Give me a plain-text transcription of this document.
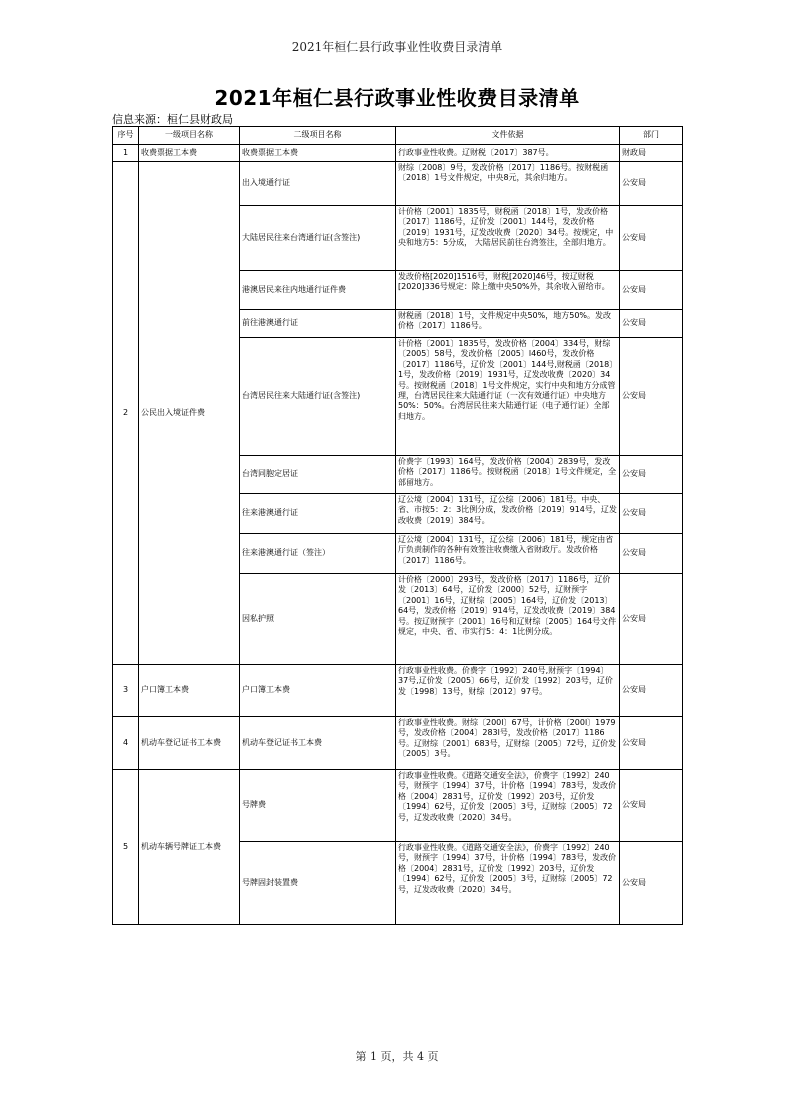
2021年桓仁县行政事业性收费目录清单
2021年桓仁县行政事业性收费目录清单
信息来源：桓仁县财政局
序号	一级项目名称	二级项目名称	文件依据	部门
1	收费票据工本费	收费票据工本费	行政事业性收费。辽财税〔2017〕387号。	财政局
2	公民出入境证件费	出入境通行证	财综〔2008〕9号，发改价格〔2017〕1186号。按财税函〔2018〕1号文件规定，中央8元，其余归地方。	公安局
		大陆居民往来台湾通行证(含签注)	计价格〔2001〕1835号，财税函〔2018〕1号，发改价格〔2017〕1186号，辽价发〔2001〕144号，发改价格〔2019〕1931号，辽发改收费〔2020〕34号。按规定，中央和地方5：5分成， 大陆居民前往台湾签注，全部归地方。	公安局
		港澳居民来往内地通行证件费	发改价格[2020]1516号，财税[2020]46号，按辽财税[2020]336号规定：除上缴中央50%外，其余收入留给市。	公安局
		前往港澳通行证	财税函〔2018〕1号，文件规定中央50%，地方50%。发改价格〔2017〕1186号。	公安局
		台湾居民往来大陆通行证(含签注)	计价格〔2001〕1835号，发改价格〔2004〕334号，财综〔2005〕58号，发改价格〔2005〕l460号，发改价格〔2017〕1186号，辽价发〔2001〕144号,财税函〔2018〕1号，发改价格〔2019〕1931号，辽发改收费〔2020〕34号。按财税函〔2018〕1号文件规定，实行中央和地方分成管理，台湾居民往来大陆通行证（一次有效通行证）中央地方50%：50%。台湾居民往来大陆通行证（电子通行证）全部归地方。	公安局
		台湾同胞定居证	价费字〔1993〕164号，发改价格〔2004〕2839号，发改价格〔2017〕1186号。按财税函〔2018〕1号文件规定，全部留地方。	公安局
		往来港澳通行证	辽公境〔2004〕131号，辽公综〔2006〕181号。中央、省、市按5：2：3比例分成，发改价格〔2019〕914号，辽发改收费〔2019〕384号。	公安局
		往来港澳通行证（签注）	辽公境〔2004〕131号，辽公综〔2006〕181号，规定由省厅负责制作的各种有效签注收费缴入省财政厅。发改价格〔2017〕1186号。	公安局
		因私护照	计价格〔2000〕293号，发改价格〔2017〕1186号，辽价发〔2013〕64号，辽价发〔2000〕52号，辽财预字〔2001〕16号，辽财综〔2005〕164号，辽价发〔2013〕64号，发改价格〔2019〕914号，辽发改收费〔2019〕384号。按辽财预字〔2001〕16号和辽财综〔2005〕164号文件规定，中央、省、市实行5：4：1比例分成。	公安局
3	户口簿工本费	户口簿工本费	行政事业性收费。价费字〔1992〕240号,财预字〔1994〕37号,辽价发〔2005〕66号，辽价发〔1992〕203号，辽价发〔1998〕13号，财综〔2012〕97号。	公安局
4	机动车登记证书工本费	机动车登记证书工本费	行政事业性收费。财综〔200l〕67号，计价格〔200l〕1979号，发改价格〔2004〕283l号，发改价格〔2017〕1186号。辽财综〔2001〕683号，辽财综〔2005〕72号，辽价发〔2005〕3号。	公安局
5	机动车辆号牌证工本费	号牌费	行政事业性收费。《道路交通安全法》，价费字〔1992〕240号，财预字〔1994〕37号，计价格〔1994〕783号，发改价格〔2004〕2831号，辽价发〔1992〕203号，辽价发〔1994〕62号，辽价发〔2005〕3号，辽财综〔2005〕72号，辽发改收费〔2020〕34号。	公安局
		号牌固封装置费	行政事业性收费。《道路交通安全法》，价费字〔1992〕240号，财预字〔1994〕37号，计价格〔1994〕783号，发改价格〔2004〕2831号，辽价发〔1992〕203号，辽价发〔1994〕62号，辽价发〔2005〕3号，辽财综〔2005〕72号，辽发改收费〔2020〕34号。	公安局
第 1 页，共 4 页
